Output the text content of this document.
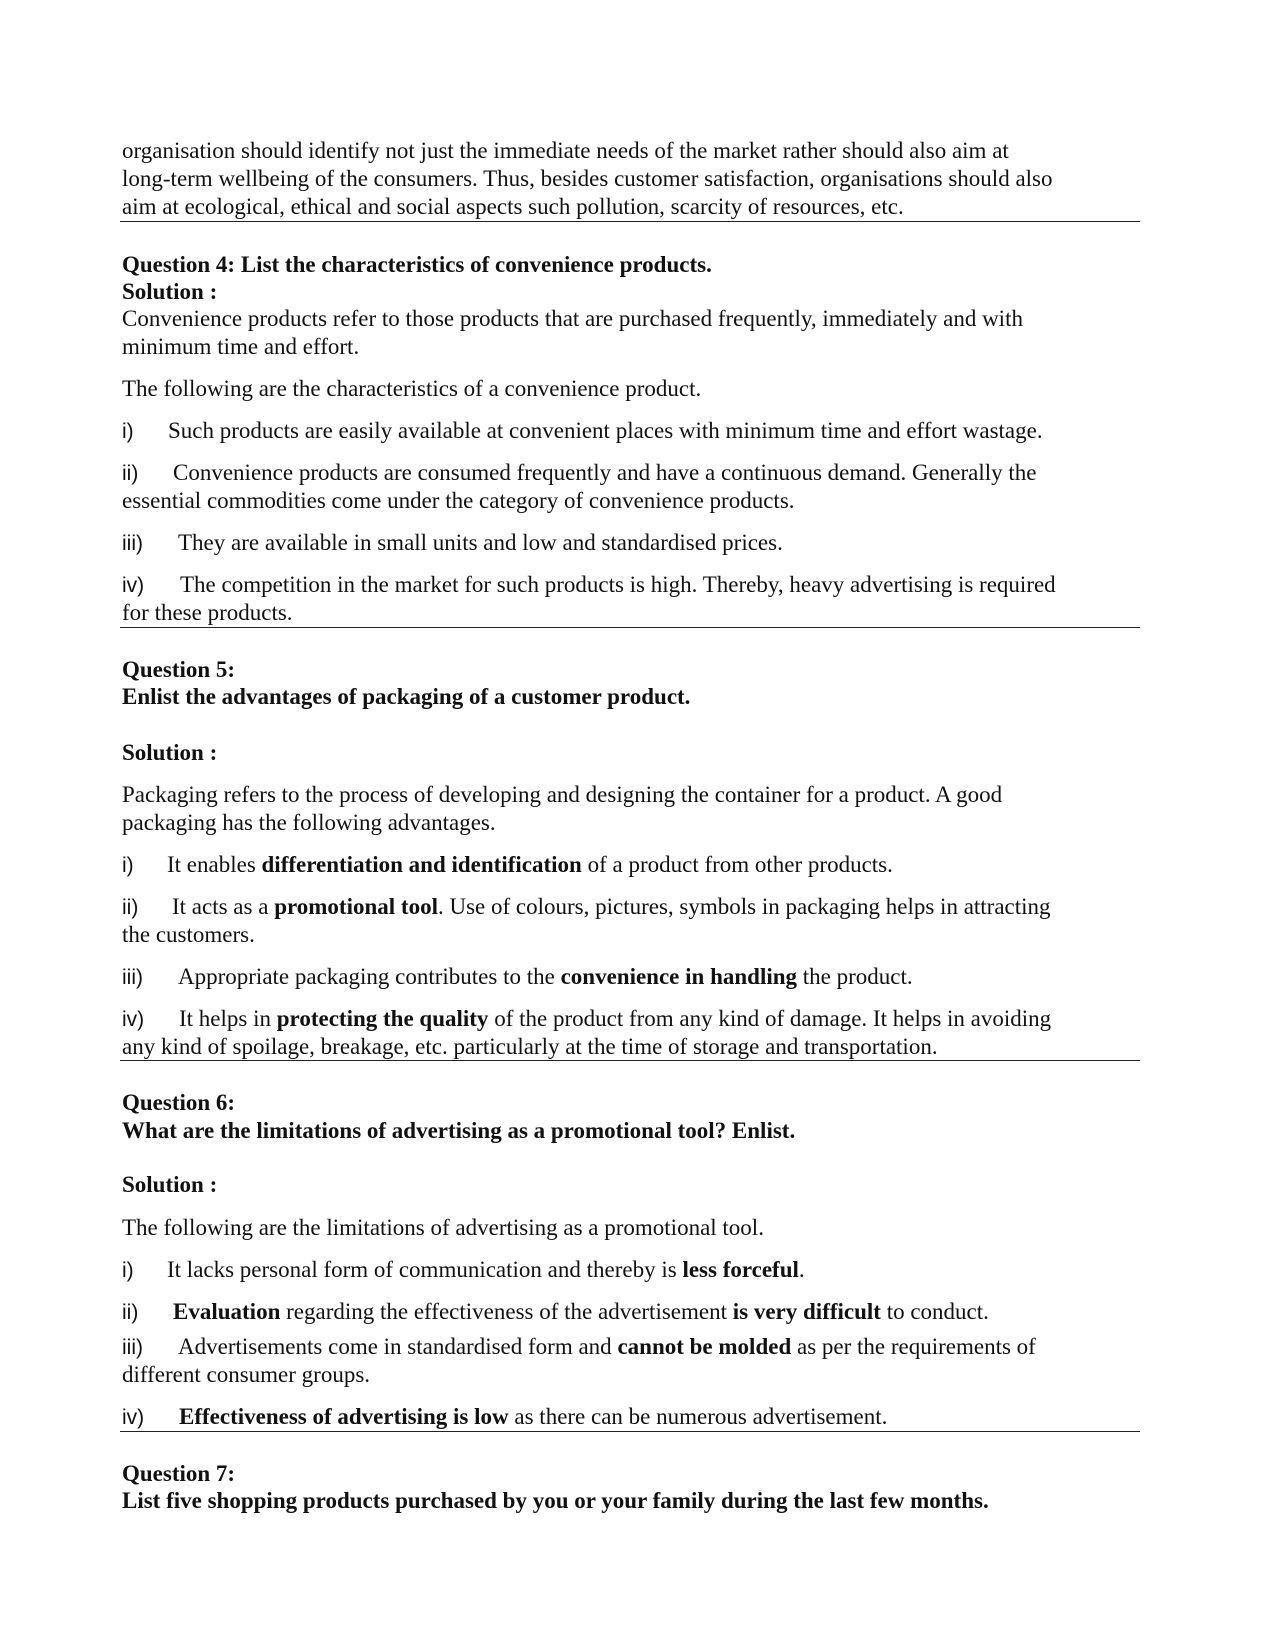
organisation should identify not just the immediate needs of the market rather should also aim at
long-term wellbeing of the consumers. Thus, besides customer satisfaction, organisations should also
aim at ecological, ethical and social aspects such pollution, scarcity of resources, etc.
Question 4: List the characteristics of convenience products.
Solution :
Convenience products refer to those products that are purchased frequently, immediately and with
minimum time and effort.
The following are the characteristics of a convenience product.
i) Such products are easily available at convenient places with minimum time and effort wastage.
ii) Convenience products are consumed frequently and have a continuous demand. Generally the
essential commodities come under the category of convenience products.
iii) They are available in small units and low and standardised prices.
iv) The competition in the market for such products is high. Thereby, heavy advertising is required
for these products.
Question 5:
Enlist the advantages of packaging of a customer product.
Solution :
Packaging refers to the process of developing and designing the container for a product. A good
packaging has the following advantages.
i) It enables differentiation and identification of a product from other products.
ii) It acts as a promotional tool. Use of colours, pictures, symbols in packaging helps in attracting
the customers.
iii) Appropriate packaging contributes to the convenience in handling the product.
iv) It helps in protecting the quality of the product from any kind of damage. It helps in avoiding
any kind of spoilage, breakage, etc. particularly at the time of storage and transportation.
Question 6:
What are the limitations of advertising as a promotional tool? Enlist.
Solution :
The following are the limitations of advertising as a promotional tool.
i) It lacks personal form of communication and thereby is less forceful.
ii) Evaluation regarding the effectiveness of the advertisement is very difficult to conduct.
iii) Advertisements come in standardised form and cannot be molded as per the requirements of
different consumer groups.
iv) Effectiveness of advertising is low as there can be numerous advertisement.
Question 7:
List five shopping products purchased by you or your family during the last few months.
